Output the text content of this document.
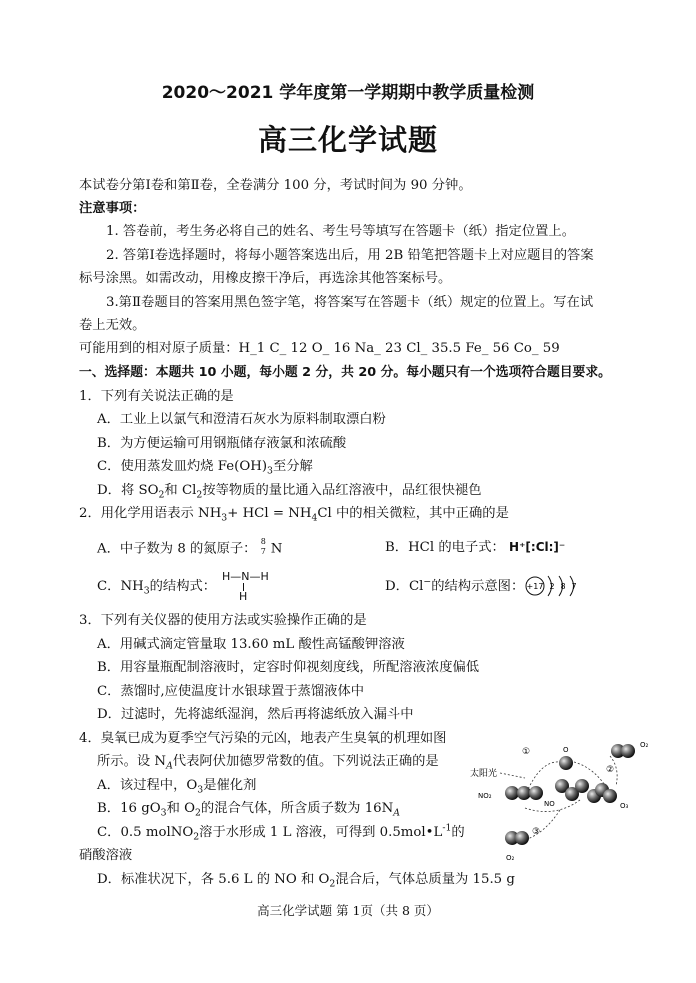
2020～2021 学年度第一学期期中教学质量检测
高三化学试题
本试卷分第Ⅰ卷和第Ⅱ卷，全卷满分 100 分，考试时间为 90 分钟。
注意事项：
1. 答卷前，考生务必将自己的姓名、考生号等填写在答题卡（纸）指定位置上。
2. 答第Ⅰ卷选择题时，将每小题答案选出后，用 2B 铅笔把答题卡上对应题目的答案
标号涂黑。如需改动，用橡皮擦干净后，再选涂其他答案标号。
3.第Ⅱ卷题目的答案用黑色签字笔，将答案写在答题卡（纸）规定的位置上。写在试
卷上无效。
可能用到的相对原子质量：H_1 C_ 12 O_ 16 Na_ 23 Cl_ 35.5 Fe_ 56 Co_ 59
一、选择题：本题共 10 小题，每小题 2 分，共 20 分。每小题只有一个选项符合题目要求。
1．下列有关说法正确的是
A．工业上以氯气和澄清石灰水为原料制取漂白粉
B．为方便运输可用钢瓶储存液氯和浓硫酸
C．使用蒸发皿灼烧 $Fe(OH)_3$至分解
D．将 $SO_2$和 $Cl_2$按等物质的量比通入品红溶液中，品红很快褪色
2．用化学用语表示 $NH_3+$ HCl = $NH_4Cl$ 中的相关微粒，其中正确的是
A．中子数为 8 的氮原子： 8
7 N	B．HCl 的电子式： H⁺[:Cl:]⁻
C．$NH_3$的结构式：
H—N—H
H
D．Cl−的结构示意图： +17 2 8 7
3．下列有关仪器的使用方法或实验操作正确的是
A．用碱式滴定管量取 13.60 mL 酸性高锰酸钾溶液
B．用容量瓶配制溶液时，定容时仰视刻度线，所配溶液浓度偏低
C．蒸馏时,应使温度计水银球置于蒸馏液体中
D．过滤时，先将滤纸湿润，然后再将滤纸放入漏斗中
4．臭氧已成为夏季空气污染的元凶，地表产生臭氧的机理如图
所示。设 $N_A$代表阿伏加德罗常数的值。下列说法正确的是
A．该过程中，$O_3$是催化剂
B．16 $gO_3$和 $O_2$的混合气体，所含质子数为 $16N_A$
C．0.5 molNO$_2$溶于水形成 1 L 溶液，可得到 $0.5mol•L^{-1}$的
硝酸溶液
D．标准状况下，各 5.6 L 的 NO 和 $O_2$混合后，气体总质量为 15.5 g
O₂
O
①
②
③
太阳光
NO₂
NO	O₃
O₂
高三化学试题 第 1页（共 8 页）
